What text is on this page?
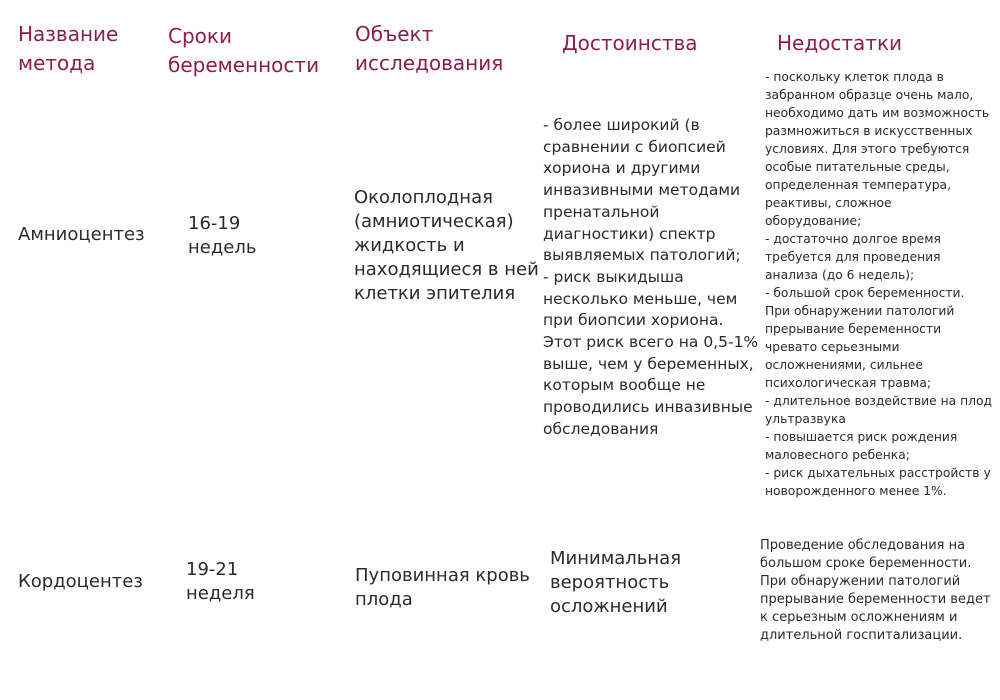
Название
метода
Сроки
беременности
Объект
исследования
Достоинства	Недостатки

Амниоцентез

16-19
недель

Околоплодная
(амниотическая)
жидкость и
находящиеся в ней
клетки эпителия

- более широкий (в
сравнении с биопсией
хориона и другими
инвазивными методами
пренатальной
диагностики) спектр
выявляемых патологий;
- риск выкидыша
несколько меньше, чем
при биопсии хориона.
Этот риск всего на 0,5-1%
выше, чем у беременных,
которым вообще не
проводились инвазивные
обследования

- поскольку клеток плода в
забранном образце очень мало,
необходимо дать им возможность
размножиться в искусственных
условиях. Для этого требуются
особые питательные среды,
определенная температура,
реактивы, сложное
оборудование;
- достаточно долгое время
требуется для проведения
анализа (до 6 недель);
- большой срок беременности.
При обнаружении патологий
прерывание беременности
чревато серьезными
осложнениями, сильнее
психологическая травма;
- длительное воздействие на плод
ультразвука
- повышается риск рождения
маловесного ребенка;
- риск дыхательных расстройств у
новорожденного менее 1%.

Кордоцентез

19-21
неделя

Пуповинная кровь
плода

Минимальная
вероятность
осложнений

Проведение обследования на
большом сроке беременности.
При обнаружении патологий
прерывание беременности ведет
к серьезным осложнениям и
длительной госпитализации.
